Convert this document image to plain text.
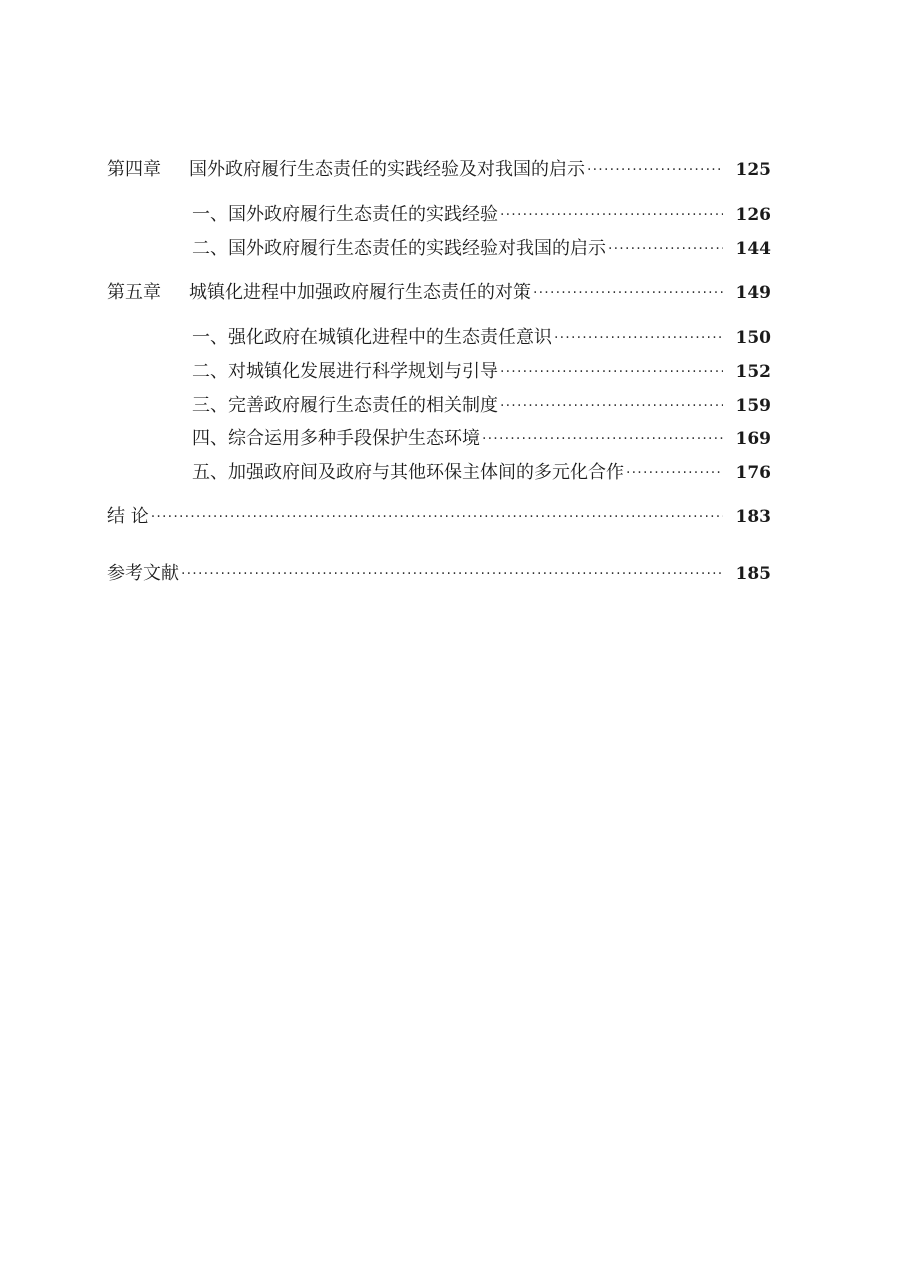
第四章	国外政府履行生态责任的实践经验及对我国的启示 ·····	125
一、国外政府履行生态责任的实践经验 ·····	126
二、国外政府履行生态责任的实践经验对我国的启示 ·····	144
第五章	城镇化进程中加强政府履行生态责任的对策 ·····	149
一、强化政府在城镇化进程中的生态责任意识 ·····	150
二、对城镇化发展进行科学规划与引导 ·····	152
三、完善政府履行生态责任的相关制度 ·····	159
四、综合运用多种手段保护生态环境 ·····	169
五、加强政府间及政府与其他环保主体间的多元化合作 ·····	176
结 论 ·····	183
参考文献 ·····	185
